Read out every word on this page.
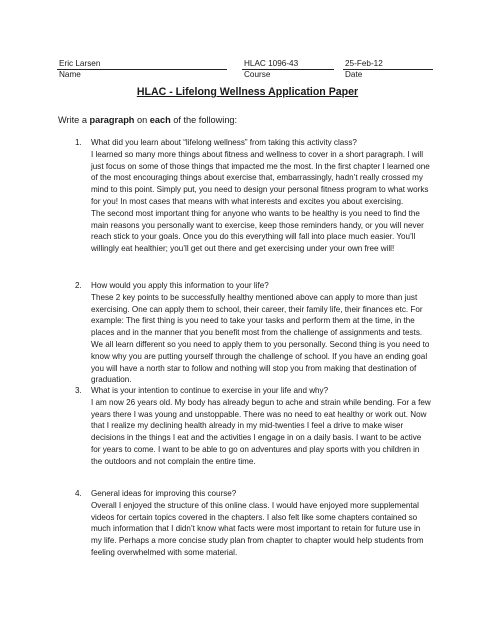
Eric Larsen
Name
HLAC 1096-43
Course
25-Feb-12
Date
HLAC - Lifelong Wellness Application Paper
Write a paragraph on each of the following:
1. What did you learn about “lifelong wellness” from taking this activity class?

I learned so many more things about fitness and wellness to cover in a short paragraph. I will just focus on some of those things that impacted me the most. In the first chapter I learned one of the most encouraging things about exercise that, embarrassingly, hadn’t really crossed my mind to this point. Simply put, you need to design your personal fitness program to what works for you! In most cases that means with what interests and excites you about exercising.

The second most important thing for anyone who wants to be healthy is you need to find the main reasons you personally want to exercise, keep those reminders handy, or you will never reach stick to your goals. Once you do this everything will fall into place much easier. You’ll willingly eat healthier; you’ll get out there and get exercising under your own free will!

2. How would you apply this information to your life?

These 2 key points to be successfully healthy mentioned above can apply to more than just exercising. One can apply them to school, their career, their family life, their finances etc. For example: The first thing is you need to take your tasks and perform them at the time, in the places and in the manner that you benefit most from the challenge of assignments and tests. We all learn different so you need to apply them to you personally. Second thing is you need to know why you are putting yourself through the challenge of school. If you have an ending goal you will have a north star to follow and nothing will stop you from making that destination of graduation.

3. What is your intention to continue to exercise in your life and why?

I am now 26 years old. My body has already begun to ache and strain while bending. For a few years there I was young and unstoppable. There was no need to eat healthy or work out. Now that I realize my declining health already in my mid-twenties I feel a drive to make wiser decisions in the things I eat and the activities I engage in on a daily basis. I want to be active for years to come. I want to be able to go on adventures and play sports with you children in the outdoors and not complain the entire time.

4. General ideas for improving this course?

Overall I enjoyed the structure of this online class. I would have enjoyed more supplemental videos for certain topics covered in the chapters. I also felt like some chapters contained so much information that I didn’t know what facts were most important to retain for future use in my life. Perhaps a more concise study plan from chapter to chapter would help students from feeling overwhelmed with some material.
